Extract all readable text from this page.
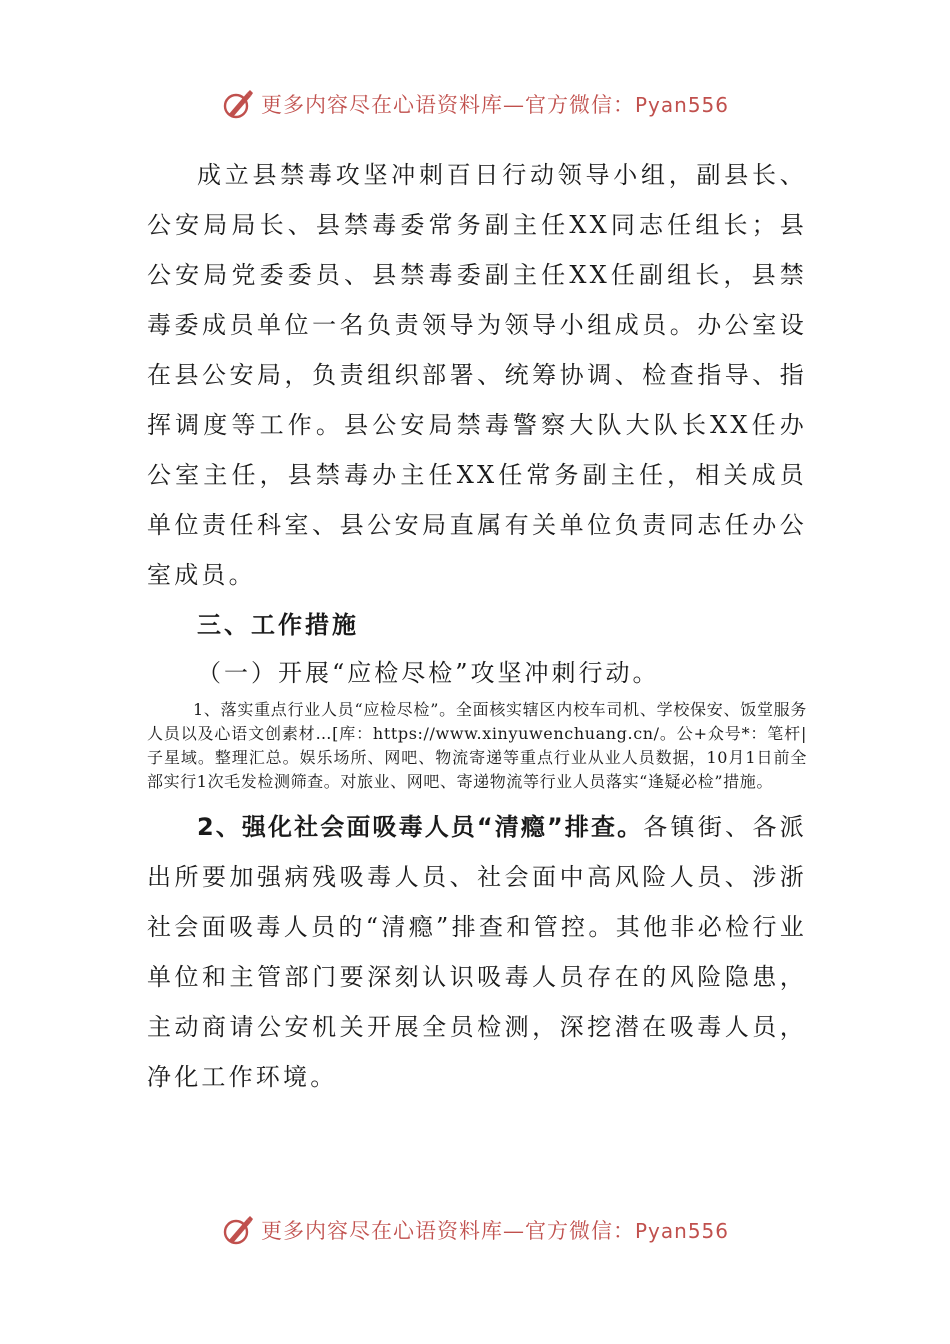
更多内容尽在心语资料库—官方微信：Pyan556

成立县禁毒攻坚冲刺百日行动领导小组，副县长、公安局局长、县禁毒委常务副主任XX同志任组长；县公安局党委委员、县禁毒委副主任XX任副组长，县禁毒委成员单位一名负责领导为领导小组成员。办公室设在县公安局，负责组织部署、统筹协调、检查指导、指挥调度等工作。县公安局禁毒警察大队大队长XX任办公室主任，县禁毒办主任XX任常务副主任，相关成员单位责任科室、县公安局直属有关单位负责同志任办公室成员。

三、工作措施

（一）开展“应检尽检”攻坚冲刺行动。

1、落实重点行业人员“应检尽检”。全面核实辖区内校车司机、学校保安、饭堂服务人员以及心语文创素材…[库：https://www.xinyuwenchuang.cn/。公+众号*：笔杆|子星域。整理汇总。娱乐场所、网吧、物流寄递等重点行业从业人员数据，10月1日前全部实行1次毛发检测筛查。对旅业、网吧、寄递物流等行业人员落实“逢疑必检”措施。

2、强化社会面吸毒人员“清瘾”排查。各镇街、各派出所要加强病残吸毒人员、社会面中高风险人员、涉浙社会面吸毒人员的“清瘾”排查和管控。其他非必检行业单位和主管部门要深刻认识吸毒人员存在的风险隐患，主动商请公安机关开展全员检测，深挖潜在吸毒人员，净化工作环境。

更多内容尽在心语资料库—官方微信：Pyan556
